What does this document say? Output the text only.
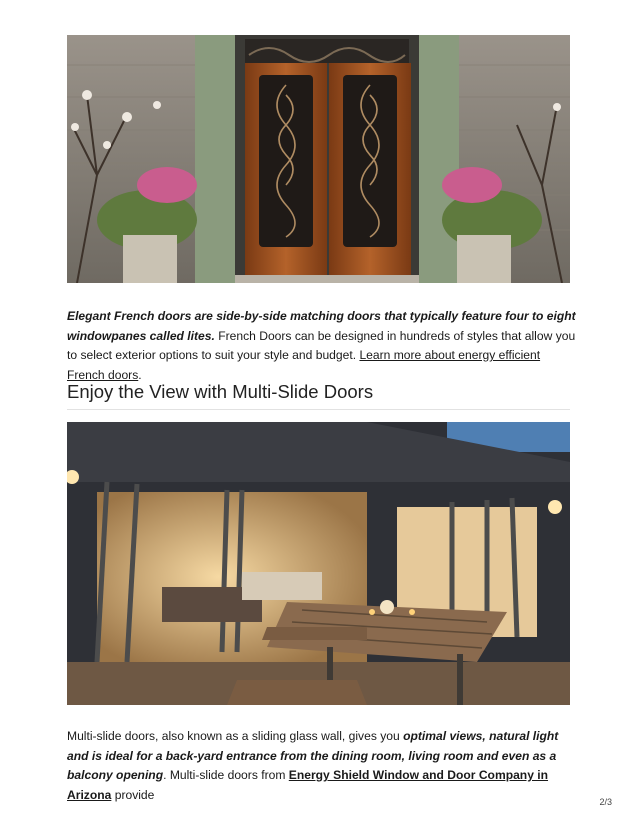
Elegant French doors are side-by-side matching doors that typically feature four to eight windowpanes called lites. French Doors can be designed in hundreds of styles that allow you to select exterior options to suit your style and budget. Learn more about energy efficient French doors.

Enjoy the View with Multi-Slide Doors

Multi-slide doors, also known as a sliding glass wall, gives you optimal views, natural light and is ideal for a back-yard entrance from the dining room, living room and even as a balcony opening. Multi-slide doors from Energy Shield Window and Door Company in Arizona provide

2/3
